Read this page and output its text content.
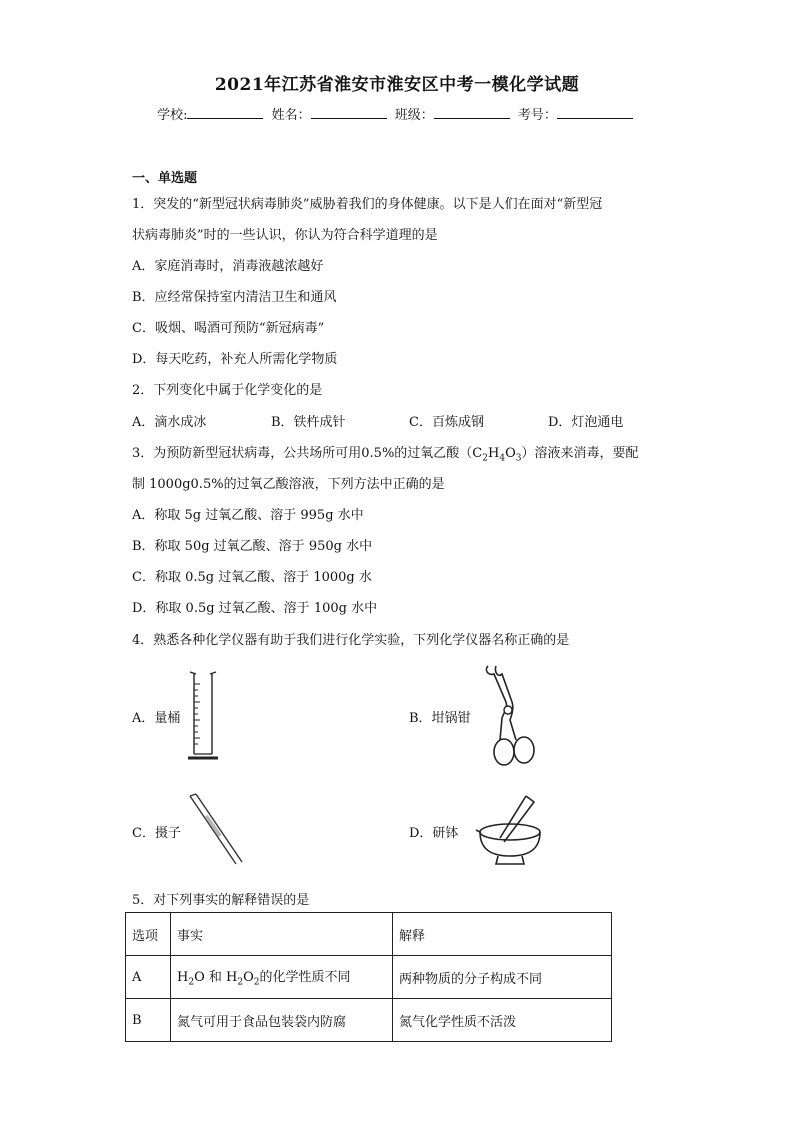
2021年江苏省淮安市淮安区中考一模化学试题
学校:	姓名：	班级：	考号：
一、单选题
1．突发的“新型冠状病毒肺炎”威胁着我们的身体健康。以下是人们在面对“新型冠
状病毒肺炎”时的一些认识，你认为符合科学道理的是
A．家庭消毒时，消毒液越浓越好
B．应经常保持室内清洁卫生和通风
C．吸烟、喝酒可预防“新冠病毒”
D．每天吃药，补充人所需化学物质
2．下列变化中属于化学变化的是
A．滴水成冰	B．铁杵成针	C．百炼成钢	D．灯泡通电
3．为预防新型冠状病毒，公共场所可用0.5%的过氧乙酸$(C_2H_4O_3)$溶液来消毒，要配
制 1000g0.5%的过氧乙酸溶液，下列方法中正确的是
A．称取 5g 过氧乙酸、溶于 995g 水中
B．称取 50g 过氧乙酸、溶于 950g 水中
C．称取 0.5g 过氧乙酸、溶于 1000g 水
D．称取 0.5g 过氧乙酸、溶于 100g 水中
4．熟悉各种化学仪器有助于我们进行化学实验，下列化学仪器名称正确的是
A．量桶	B．坩锅钳
C．摄子	D．研钵
5．对下列事实的解释错误的是
选项	事实	解释
A	$H_2O$ 和 $H_2O_2$的化学性质不同	两种物质的分子构成不同
B	氮气可用于食品包装袋内防腐	氮气化学性质不活泼
